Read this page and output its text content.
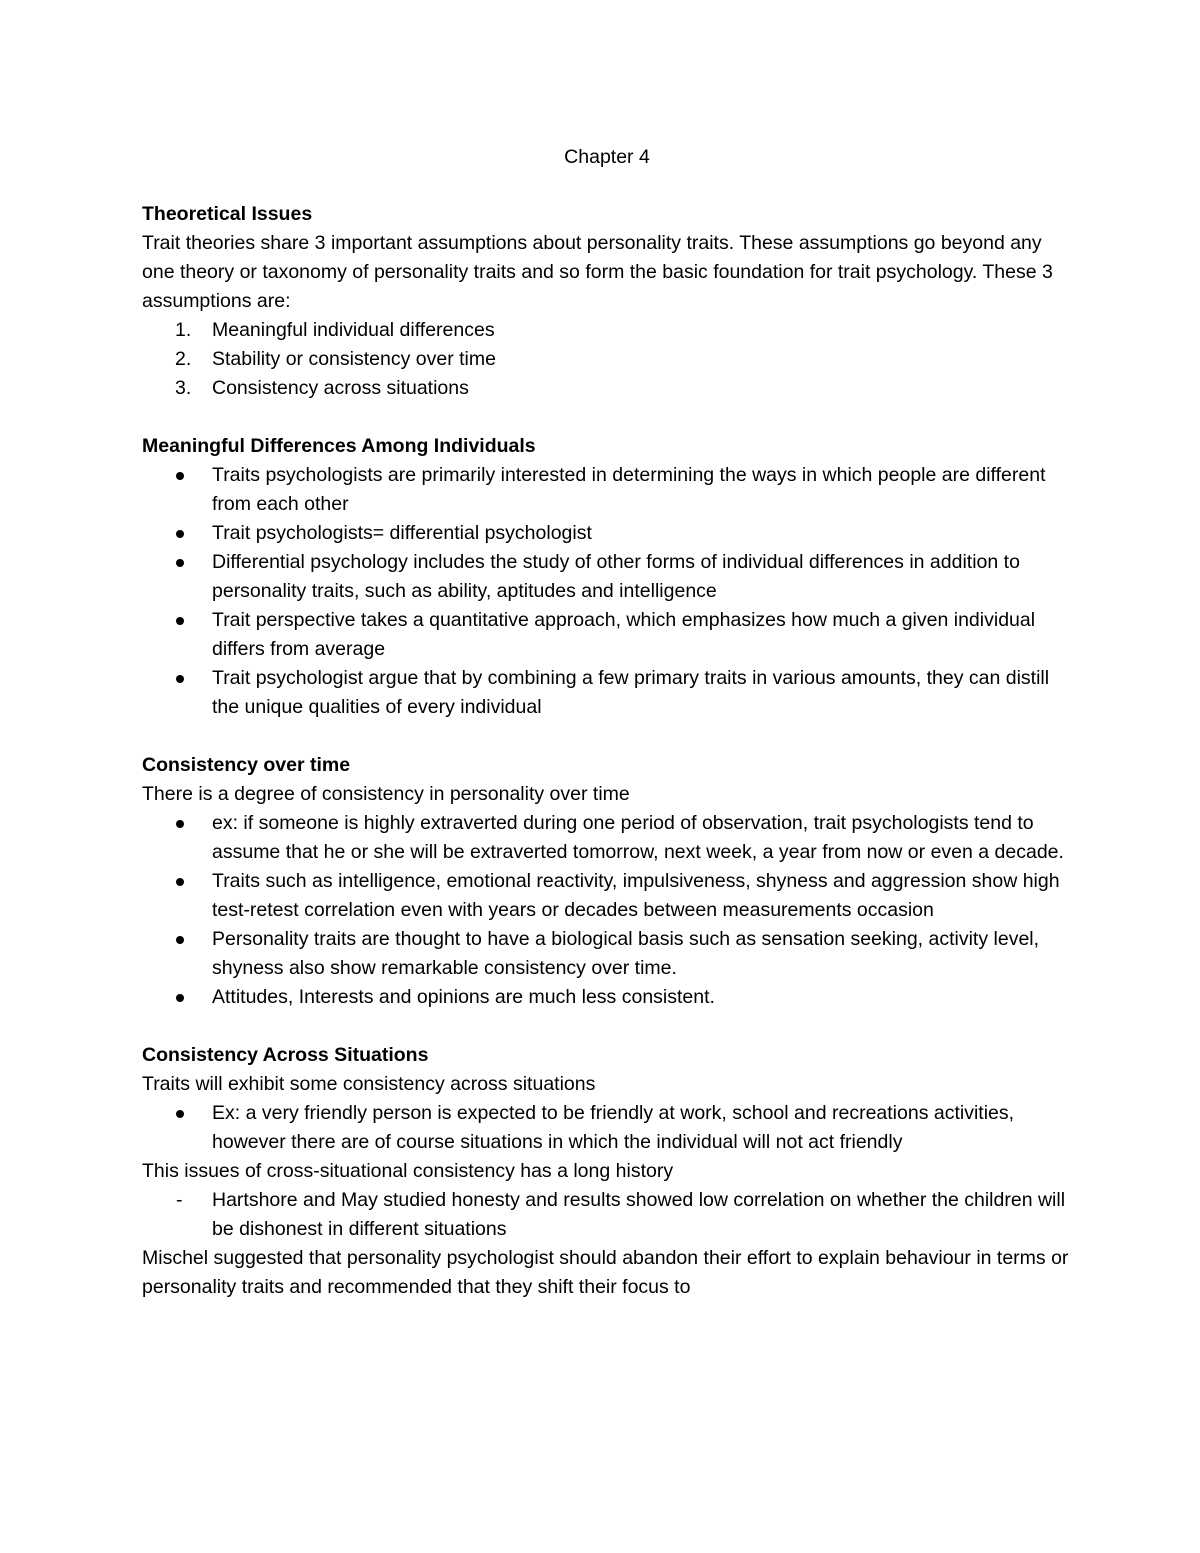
Chapter 4

Theoretical Issues

Trait theories share 3 important assumptions about personality traits. These assumptions go beyond any one theory or taxonomy of personality traits and so form the basic foundation for trait psychology. These 3 assumptions are:

1.	Meaningful individual differences
2.	Stability or consistency over time
3.	Consistency across situations

Meaningful Differences Among Individuals

Traits psychologists are primarily interested in determining the ways in which people are different from each other
Trait psychologists= differential psychologist
Differential psychology includes the study of other forms of individual differences in addition to personality traits, such as ability, aptitudes and intelligence
Trait perspective takes a quantitative approach, which emphasizes how much a given individual differs from average
Trait psychologist argue that by combining a few primary traits in various amounts, they can distill the unique qualities of every individual

Consistency over time

There is a degree of consistency in personality over time

ex: if someone is highly extraverted during one period of observation, trait psychologists tend to assume that he or she will be extraverted tomorrow, next week, a year from now or even a decade.
Traits such as intelligence, emotional reactivity, impulsiveness, shyness and aggression show high test-retest correlation even with years or decades between measurements occasion
Personality traits are thought to have a biological basis such as sensation seeking, activity level, shyness also show remarkable consistency over time.
Attitudes, Interests and opinions are much less consistent.

Consistency Across Situations

Traits will exhibit some consistency across situations

Ex: a very friendly person is expected to be friendly at work, school and recreations activities, however there are of course situations in which the individual will not act friendly

This issues of cross-situational consistency has a long history

- Hartshore and May studied honesty and results showed low correlation on whether the children will be dishonest in different situations

Mischel suggested that personality psychologist should abandon their effort to explain behaviour in terms or personality traits and recommended that they shift their focus to
